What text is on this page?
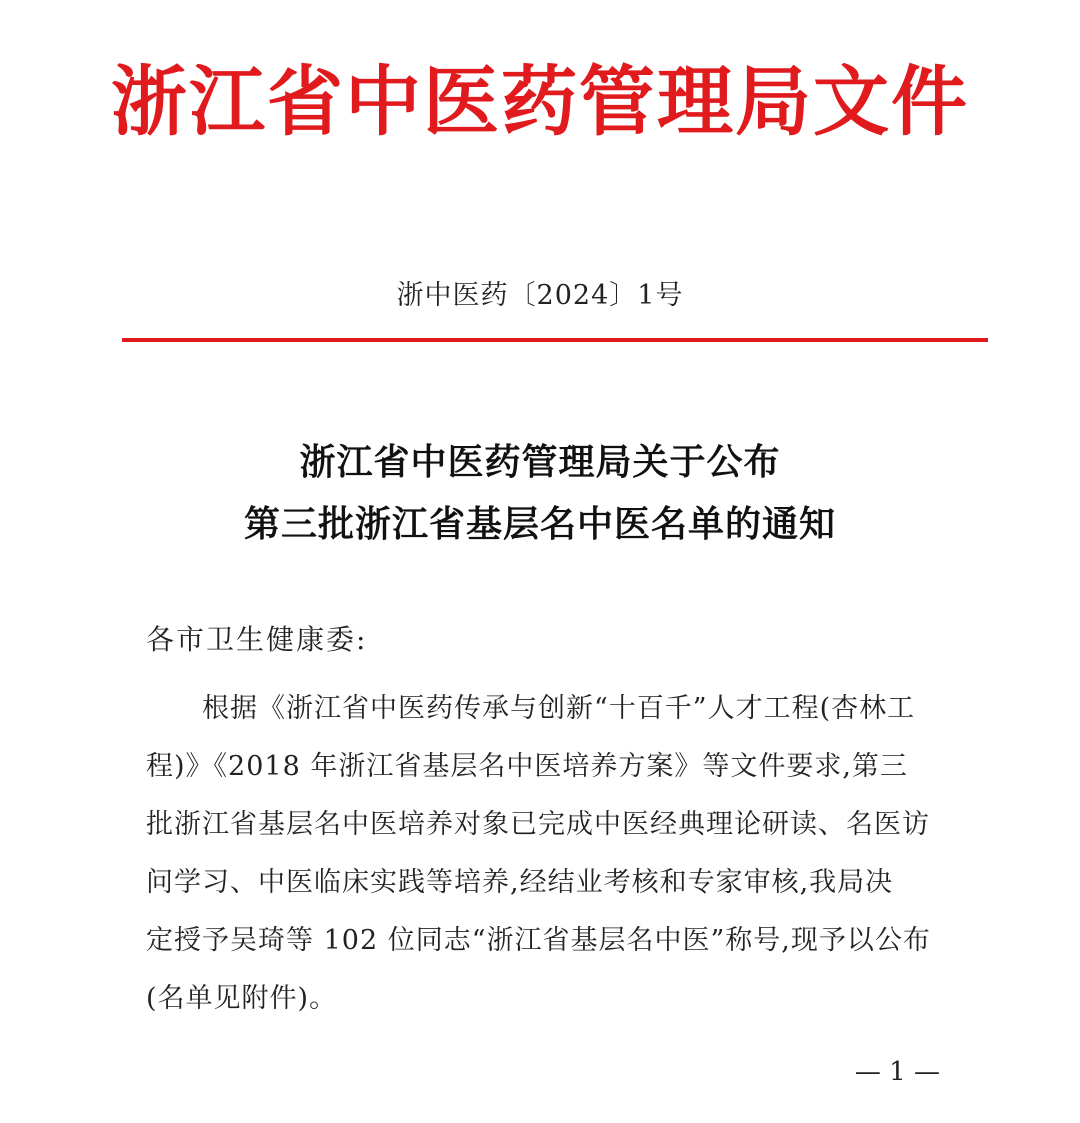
浙江省中医药管理局文件
浙中医药〔2024〕1号
浙江省中医药管理局关于公布
第三批浙江省基层名中医名单的通知
各市卫生健康委:
根据《浙江省中医药传承与创新“十百千”人才工程(杏林工
程)》《2018 年浙江省基层名中医培养方案》等文件要求,第三
批浙江省基层名中医培养对象已完成中医经典理论研读、名医访
问学习、中医临床实践等培养,经结业考核和专家审核,我局决
定授予吴琦等 102 位同志“浙江省基层名中医”称号,现予以公布
(名单见附件)。
— 1 —
